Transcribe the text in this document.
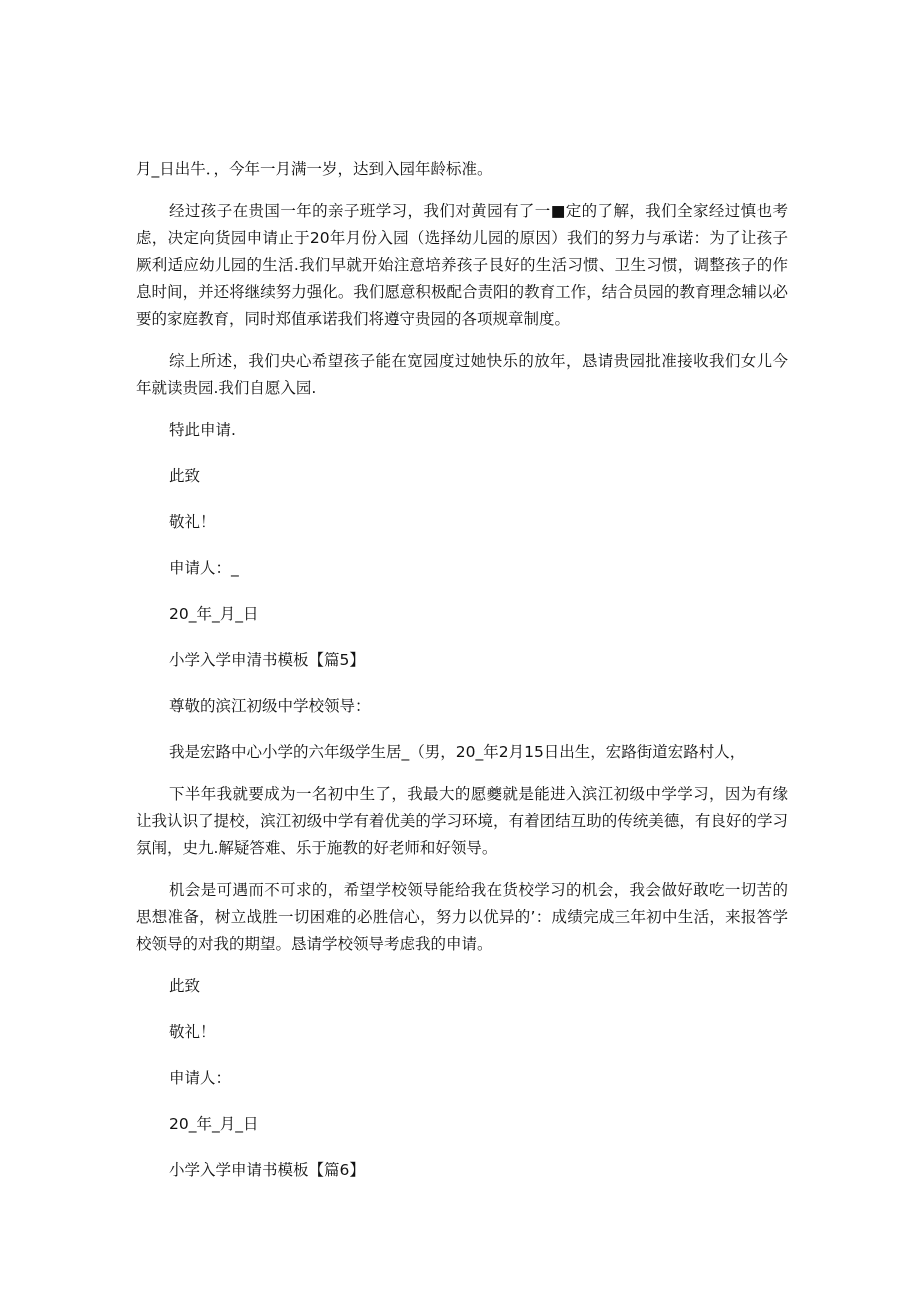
月_日出牛．，今年一月满一岁，达到入园年龄标准。

经过孩子在贵国一年的亲子班学习，我们对黄园有了一■定的了解，我们全家经过慎也考虑，决定向货园申请止于20年月份入园（选择幼儿园的原因）我们的努力与承诺：为了让孩子厥利适应幼儿园的生活.我们早就开始注意培养孩子艮好的生活习惯、卫生习惯，调整孩子的作息时间，并还将继续努力强化。我们愿意积极配合责阳的教育工作，结合员园的教育理念辅以必要的家庭教育，同时郑值承诺我们将遵守贵园的各项规章制度。

综上所述，我们央心希望孩子能在宽园度过她快乐的放年，恳请贵园批准接收我们女儿今年就读贵园.我们自愿入园.

特此申请.

此致

敬礼！

申请人：_

20_年_月_日

小学入学申清书模板【篇5】

尊敬的滨江初级中学校领导：

我是宏路中心小学的六年级学生居_（男，20_年2月15日出生，宏路街道宏路村人，

下半年我就要成为一名初中生了，我最大的愿夔就是能进入滨江初级中学学习，因为有缘让我认识了提校，滨江初级中学有着优美的学习环境，有着团结互助的传统美德，有良好的学习氛闱，史九.解疑答难、乐于施教的好老师和好领导。

机会是可遇而不可求的，希望学校领导能给我在货校学习的机会，我会做好敢吃一切苦的思想准备，树立战胜一切困难的必胜信心，努力以优异的’：成绩完成三年初中生活，来报答学校领导的对我的期望。恳请学校领导考虑我的申请。

此致

敬礼！

申请人：

20_年_月_日

小学入学申请书模板【篇6】
